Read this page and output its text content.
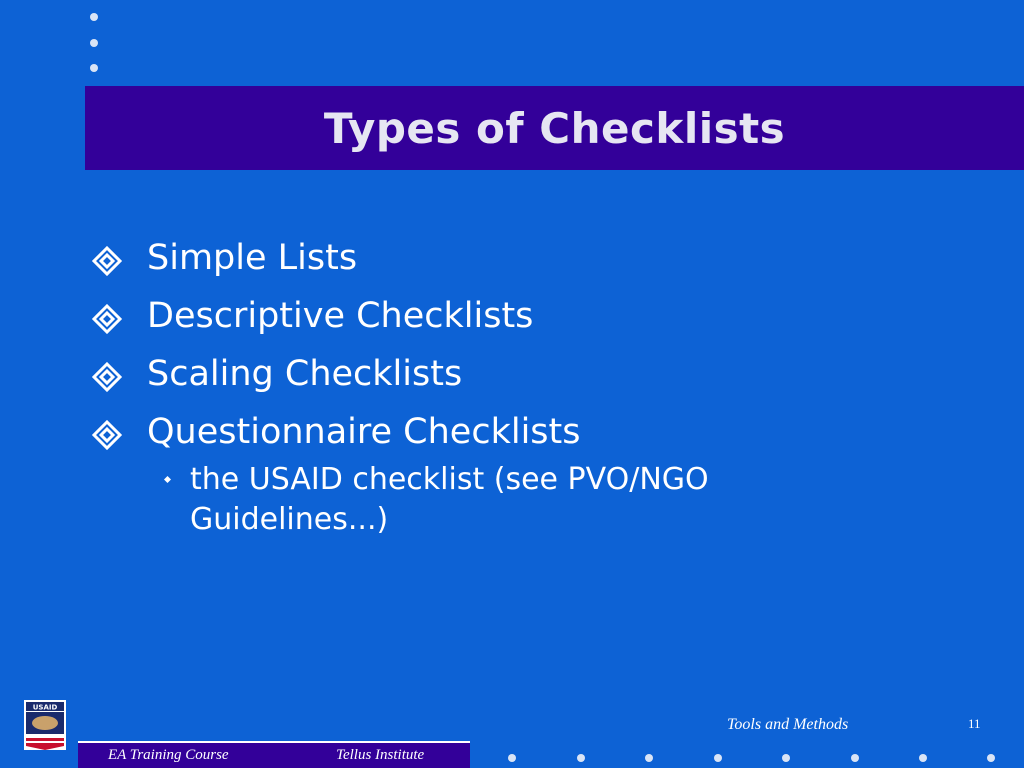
Types of Checklists
Simple Lists
Descriptive Checklists
Scaling Checklists
Questionnaire Checklists
the USAID checklist (see PVO/NGO Guidelines...)
USAID
EA Training Course	Tellus Institute
Tools and Methods	11
